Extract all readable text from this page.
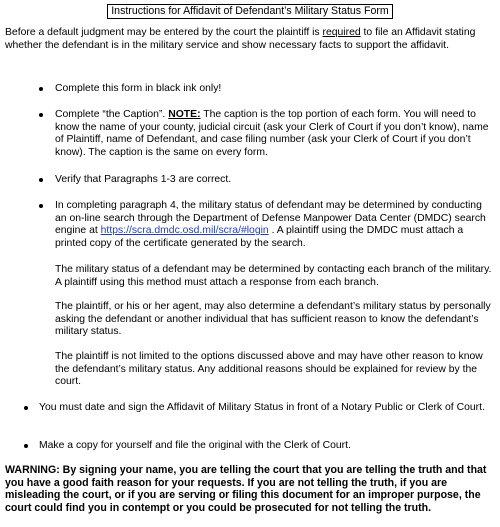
Instructions for Affidavit of Defendant’s Military Status Form
Before a default judgment may be entered by the court the plaintiff is required to file an Affidavit stating whether the defendant is in the military service and show necessary facts to support the affidavit.
Complete this form in black ink only!
Complete “the Caption”. NOTE: The caption is the top portion of each form. You will need to know the name of your county, judicial circuit (ask your Clerk of Court if you don’t know), name of Plaintiff, name of Defendant, and case filing number (ask your Clerk of Court if you don’t know). The caption is the same on every form.
Verify that Paragraphs 1-3 are correct.
In completing paragraph 4, the military status of defendant may be determined by conducting an on-line search through the Department of Defense Manpower Data Center (DMDC) search engine at https://scra.dmdc.osd.mil/scra/#login . A plaintiff using the DMDC must attach a printed copy of the certificate generated by the search.
The military status of a defendant may be determined by contacting each branch of the military. A plaintiff using this method must attach a response from each branch.
The plaintiff, or his or her agent, may also determine a defendant’s military status by personally asking the defendant or another individual that has sufficient reason to know the defendant’s military status.
The plaintiff is not limited to the options discussed above and may have other reason to know the defendant’s military status. Any additional reasons should be explained for review by the court.
You must date and sign the Affidavit of Military Status in front of a Notary Public or Clerk of Court.
Make a copy for yourself and file the original with the Clerk of Court.
WARNING: By signing your name, you are telling the court that you are telling the truth and that you have a good faith reason for your requests. If you are not telling the truth, if you are misleading the court, or if you are serving or filing this document for an improper purpose, the court could find you in contempt or you could be prosecuted for not telling the truth.
